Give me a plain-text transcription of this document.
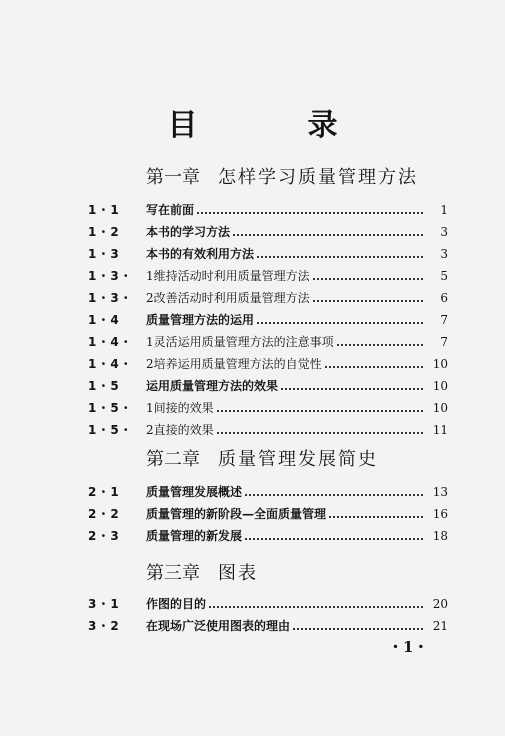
目　录
第一章 怎样学习质量管理方法
第二章 质量管理发展简史
第三章 图表
1・1	写在前面	1
1・2	本书的学习方法	3
1・3	本书的有效利用方法	3
1・3・	1维持活动时利用质量管理方法	5
1・3・	2改善活动时利用质量管理方法	6
1・4	质量管理方法的运用	7
1・4・	1灵活运用质量管理方法的注意事项	7
1・4・	2培养运用质量管理方法的自觉性	10
1・5	运用质量管理方法的效果	10
1・5・	1间接的效果	10
1・5・	2直接的效果	11
2・1	质量管理发展概述	13
2・2	质量管理的新阶段—全面质量管理	16
2・3	质量管理的新发展	18
3・1	作图的目的	20
3・2	在现场广泛使用图表的理由	21
・1・
